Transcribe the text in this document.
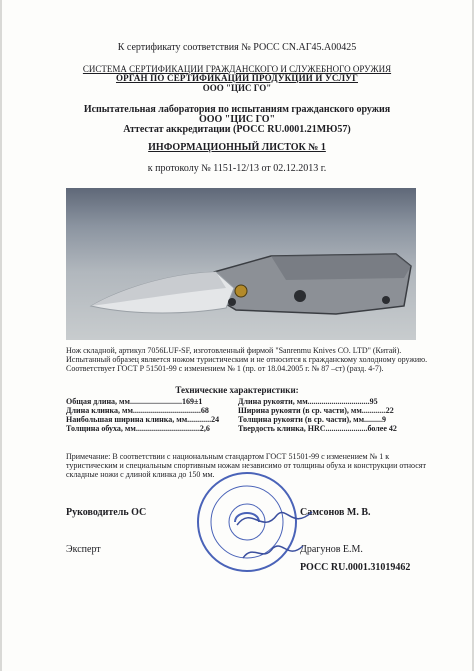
К сертификату соответствия № РОСС CN.АГ45.А00425
СИСТЕМА СЕРТИФИКАЦИИ ГРАЖДАНСКОГО И СЛУЖЕБНОГО ОРУЖИЯ
ОРГАН ПО СЕРТИФИКАЦИИ ПРОДУКЦИИ И УСЛУГ
ООО "ЦИС ГО"
Испытательная лаборатория по испытаниям гражданского оружия
ООО "ЦИС ГО"
Аттестат аккредитации (РОСС RU.0001.21МЮ57)
ИНФОРМАЦИОННЫЙ ЛИСТОК № 1
к протоколу № 1151-12/13 от 02.12.2013 г.
Нож складной, артикул 7056LUF-SF, изготовленный фирмой "Sanrenmu Knives CO. LTD" (Китай).
Испытанный образец является ножом туристическим и не относится к гражданскому холодному оружию.
Соответствует ГОСТ Р 51501-99 с изменением № 1 (пр. от 18.04.2005 г. № 87 –ст) (разд. 4-7).
Технические характеристики:
Общая длина, мм..........................169±1
Длина клинка, мм..................................68
Наибольшая ширина клинка, мм............24
Толщина обуха, мм................................2,6
Длина рукояти, мм...............................95
Ширина рукояти (в ср. части), мм............22
Толщина рукояти (в ср. части), мм.........9
Твердость клинка, HRC.....................более 42
Примечание: В соответствии с национальным стандартом ГОСТ 51501-99 с изменением № 1 к
туристическим и специальным спортивным ножам независимо от толщины обуха и конструкции относят
складные ножи с длиной клинка до 150 мм.
Руководитель ОС	Самсонов М. В.
Эксперт	Драгунов Е.М.
РОСС RU.0001.31019462
